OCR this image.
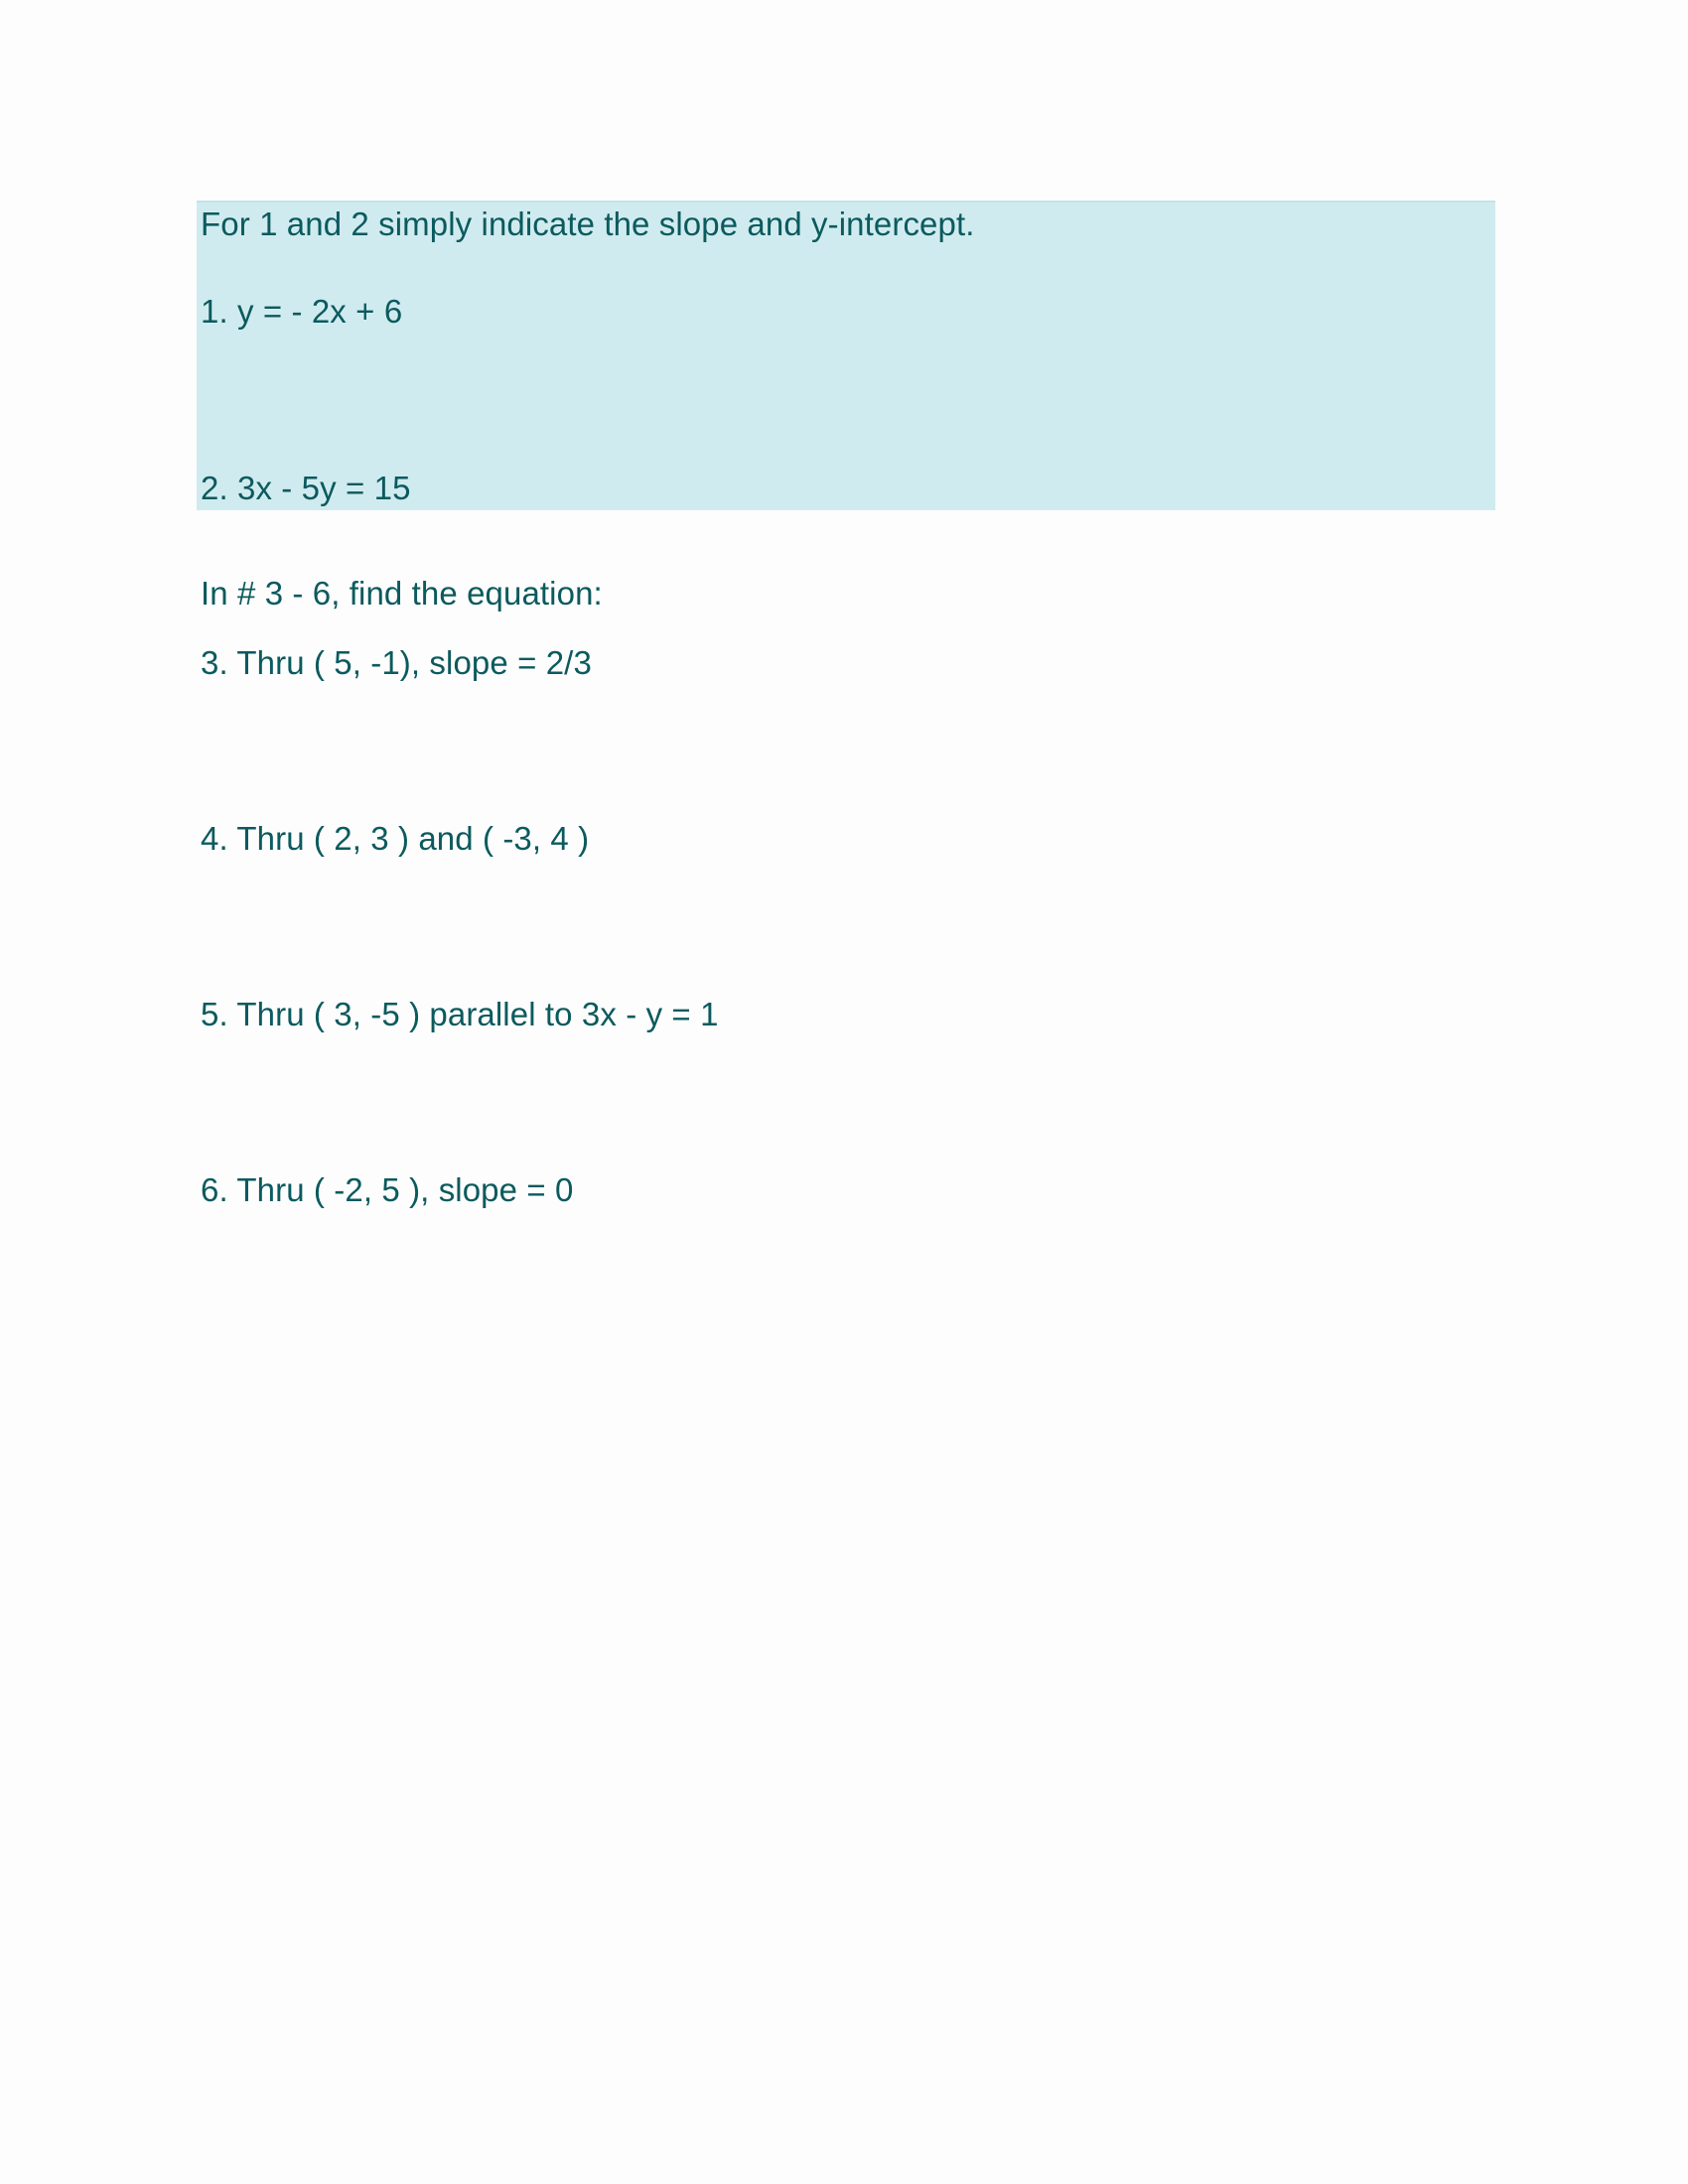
For 1 and 2 simply indicate the slope and y-intercept.
1. y = - 2x + 6
2. 3x - 5y = 15
In # 3 - 6, find the equation:
3. Thru ( 5, -1), slope = 2/3
4. Thru ( 2, 3 ) and ( -3, 4 )
5. Thru ( 3, -5 ) parallel to 3x - y = 1
6. Thru ( -2, 5 ), slope = 0
